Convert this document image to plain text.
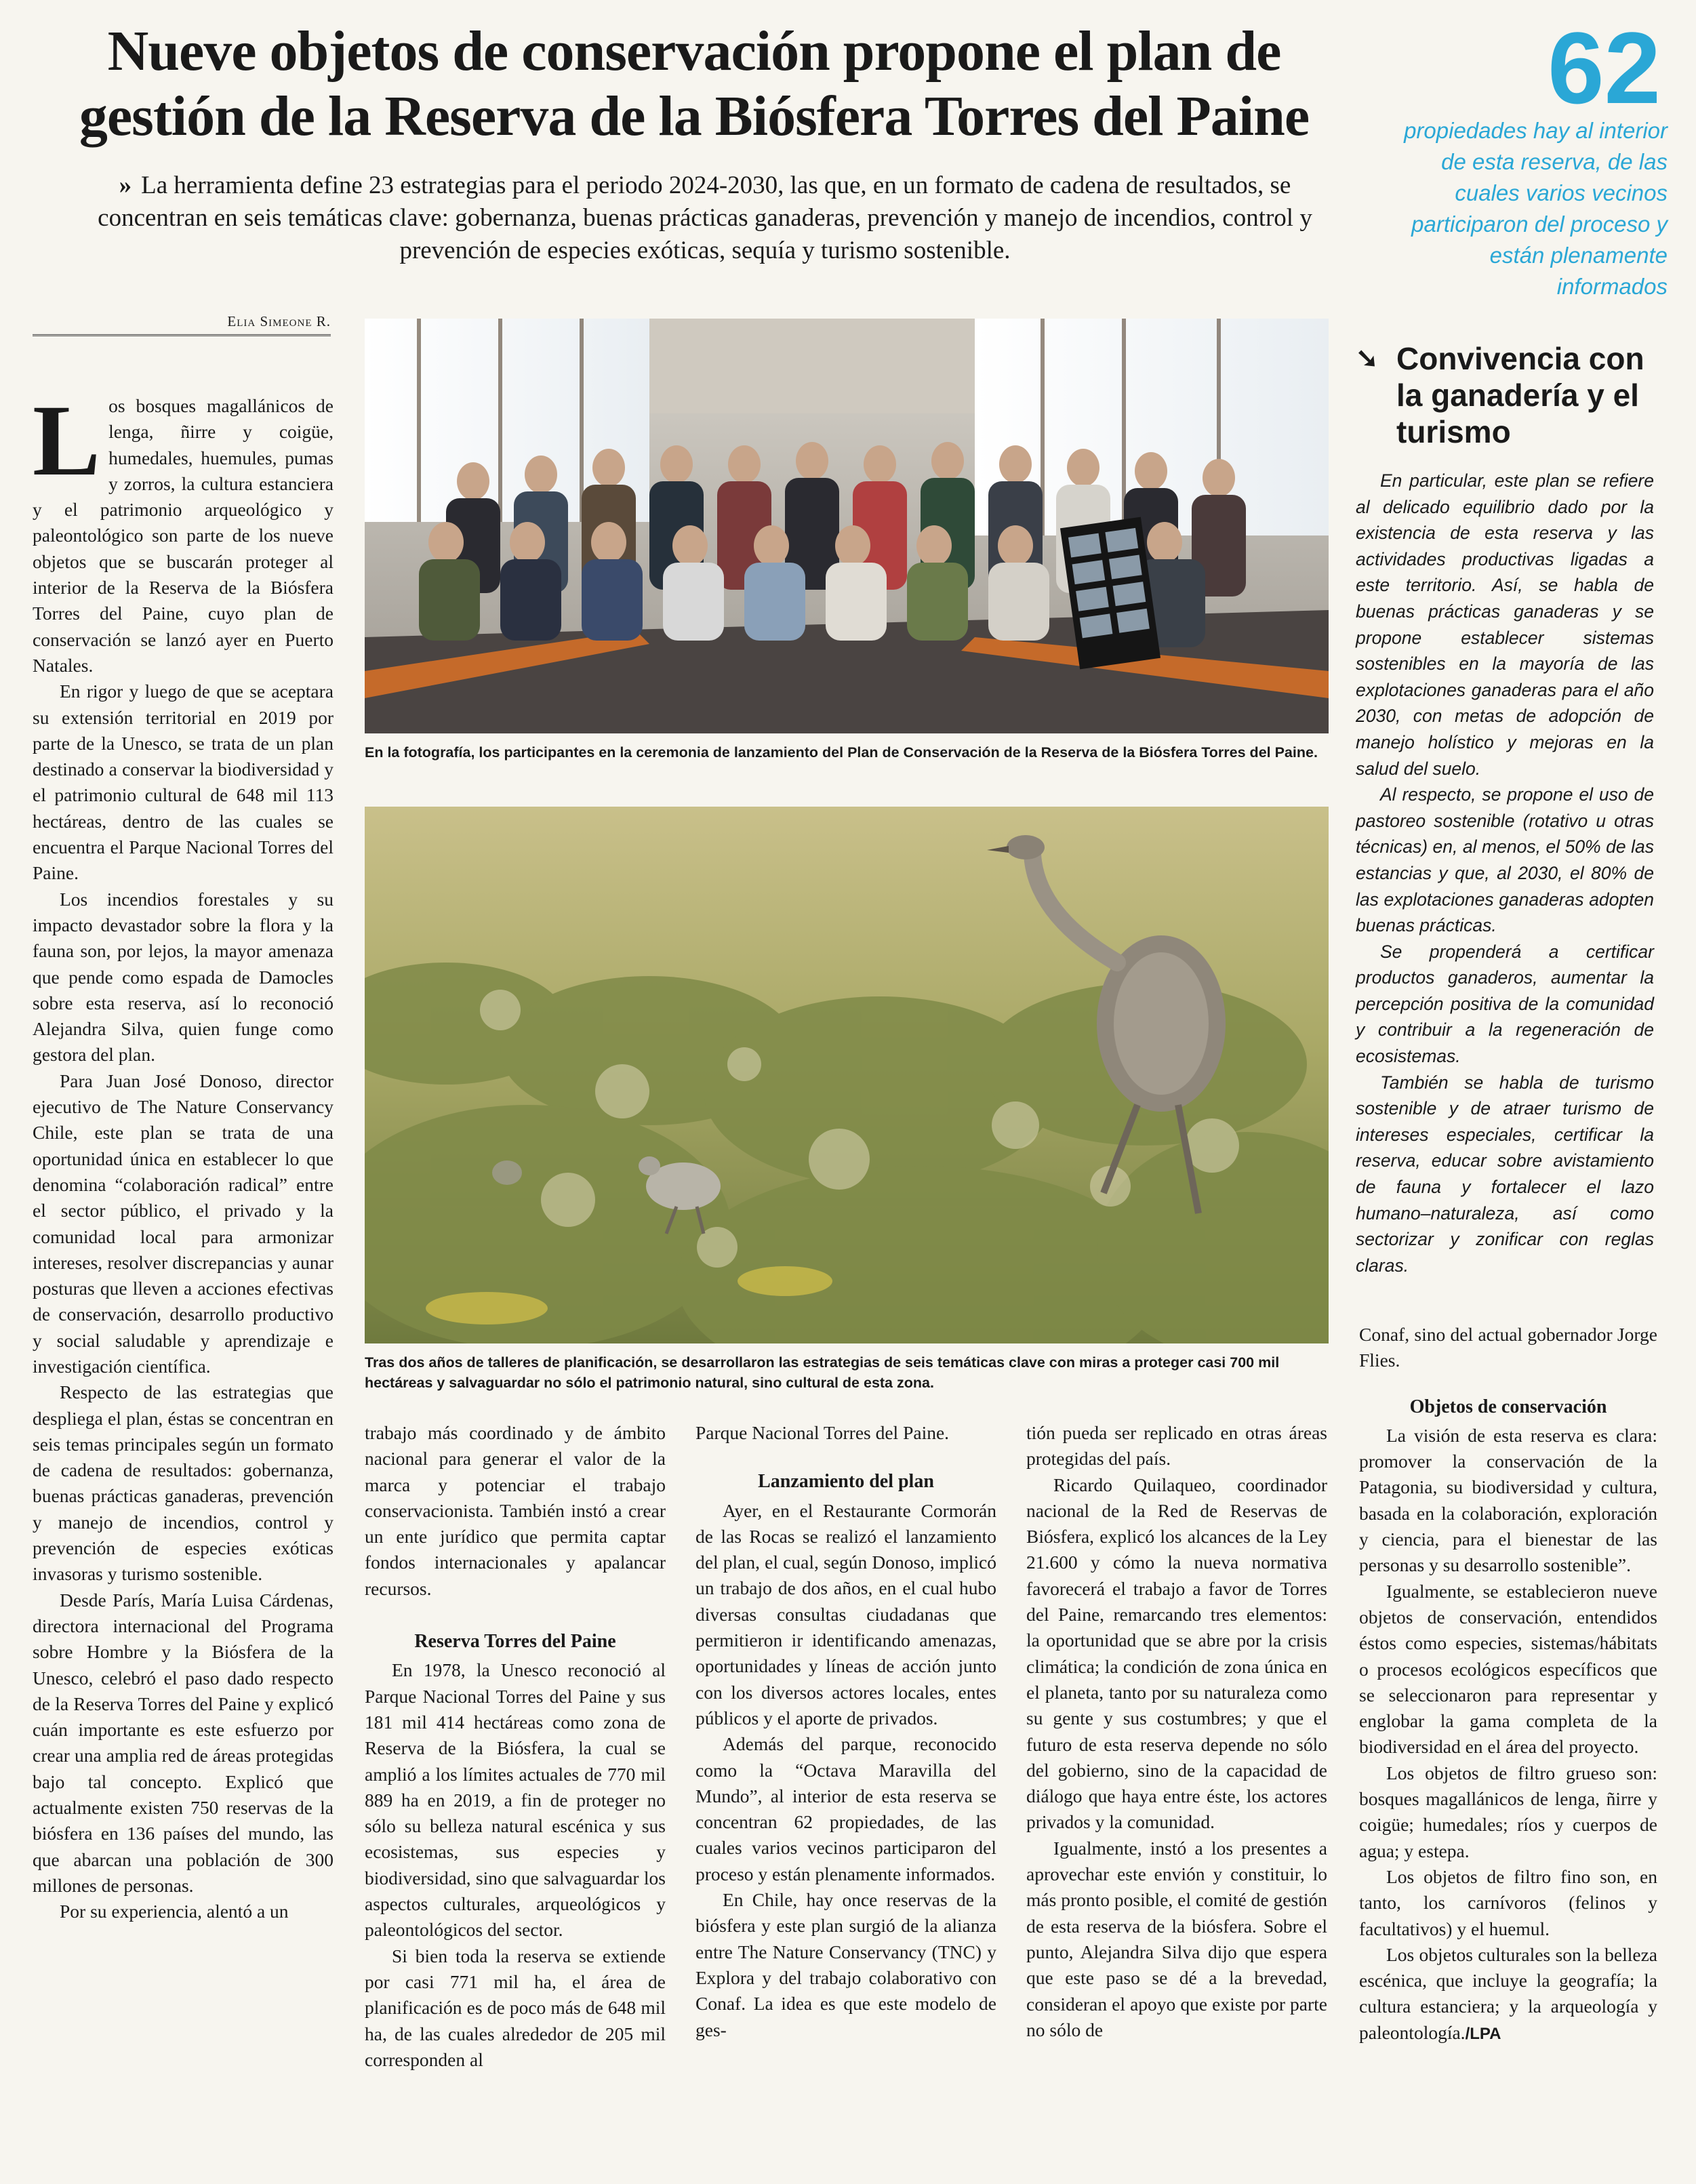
Nueve objetos de conservación propone el plan de
gestión de la Reserva de la Biósfera Torres del Paine

» La herramienta define 23 estrategias para el periodo 2024-2030, las que, en un formato de cadena de resultados, se concentran en seis temáticas clave: gobernanza, buenas prácticas ganaderas, prevención y manejo de incendios, control y prevención de especies exóticas, sequía y turismo sostenible.

62

propiedades hay al interior de esta reserva, de las cuales varios vecinos participaron del proceso y están plenamente informados

Elia Simeone R.

Los bosques magallánicos de lenga, ñirre y coigüe, humedales, huemules, pumas y zorros, la cultura estanciera y el patrimonio arqueológico y paleontológico son parte de los nueve objetos que se buscarán proteger al interior de la Reserva de la Biósfera Torres del Paine, cuyo plan de conservación se lanzó ayer en Puerto Natales.

En rigor y luego de que se aceptara su extensión territorial en 2019 por parte de la Unesco, se trata de un plan destinado a conservar la biodiversidad y el patrimonio cultural de 648 mil 113 hectáreas, dentro de las cuales se encuentra el Parque Nacional Torres del Paine.

Los incendios forestales y su impacto devastador sobre la flora y la fauna son, por lejos, la mayor amenaza que pende como espada de Damocles sobre esta reserva, así lo reconoció Alejandra Silva, quien funge como gestora del plan.

Para Juan José Donoso, director ejecutivo de The Nature Conservancy Chile, este plan se trata de una oportunidad única en establecer lo que denomina “colaboración radical” entre el sector público, el privado y la comunidad local para armonizar intereses, resolver discrepancias y aunar posturas que lleven a acciones efectivas de conservación, desarrollo productivo y social saludable y aprendizaje e investigación científica.

Respecto de las estrategias que despliega el plan, éstas se concentran en seis temas principales según un formato de cadena de resultados: gobernanza, buenas prácticas ganaderas, prevención y manejo de incendios, control y prevención de especies exóticas invasoras y turismo sostenible.

Desde París, María Luisa Cárdenas, directora internacional del Programa sobre Hombre y la Biósfera de la Unesco, celebró el paso dado respecto de la Reserva Torres del Paine y explicó cuán importante es este esfuerzo por crear una amplia red de áreas protegidas bajo tal concepto. Explicó que actualmente existen 750 reservas de la biósfera en 136 países del mundo, las que abarcan una población de 300 millones de personas.

Por su experiencia, alentó a un

En la fotografía, los participantes en la ceremonia de lanzamiento del Plan de Conservación de la Reserva de la Biósfera Torres del Paine.

Tras dos años de talleres de planificación, se desarrollaron las estrategias de seis temáticas clave con miras a proteger casi 700 mil hectáreas y salvaguardar no sólo el patrimonio natural, sino cultural de esta zona.

trabajo más coordinado y de ámbito nacional para generar el valor de la marca y potenciar el trabajo conservacionista. También instó a crear un ente jurídico que permita captar fondos internacionales y apalancar recursos.

Reserva Torres del Paine

En 1978, la Unesco reconoció al Parque Nacional Torres del Paine y sus 181 mil 414 hectáreas como zona de Reserva de la Biósfera, la cual se amplió a los límites actuales de 770 mil 889 ha en 2019, a fin de proteger no sólo su belleza natural escénica y sus ecosistemas, sus especies y biodiversidad, sino que salvaguardar los aspectos culturales, arqueológicos y paleontológicos del sector.

Si bien toda la reserva se extiende por casi 771 mil ha, el área de planificación es de poco más de 648 mil ha, de las cuales alrededor de 205 mil corresponden al

Parque Nacional Torres del Paine.

Lanzamiento del plan

Ayer, en el Restaurante Cormorán de las Rocas se realizó el lanzamiento del plan, el cual, según Donoso, implicó un trabajo de dos años, en el cual hubo diversas consultas ciudadanas que permitieron ir identificando amenazas, oportunidades y líneas de acción junto con los diversos actores locales, entes públicos y el aporte de privados.

Además del parque, reconocido como la “Octava Maravilla del Mundo”, al interior de esta reserva se concentran 62 propiedades, de las cuales varios vecinos participaron del proceso y están plenamente informados.

En Chile, hay once reservas de la biósfera y este plan surgió de la alianza entre The Nature Conservancy (TNC) y Explora y del trabajo colaborativo con Conaf. La idea es que este modelo de ges-

tión pueda ser replicado en otras áreas protegidas del país.

Ricardo Quilaqueo, coordinador nacional de la Red de Reservas de Biósfera, explicó los alcances de la Ley 21.600 y cómo la nueva normativa favorecerá el trabajo a favor de Torres del Paine, remarcando tres elementos: la oportunidad que se abre por la crisis climática; la condición de zona única en el planeta, tanto por su naturaleza como su gente y sus costumbres; y que el futuro de esta reserva depende no sólo del gobierno, sino de la capacidad de diálogo que haya entre éste, los actores privados y la comunidad.

Igualmente, instó a los presentes a aprovechar este envión y constituir, lo más pronto posible, el comité de gestión de esta reserva de la biósfera. Sobre el punto, Alejandra Silva dijo que espera que este paso se dé a la brevedad, consideran el apoyo que existe por parte no sólo de

➘ Convivencia con la ganadería y el turismo

En particular, este plan se refiere al delicado equilibrio dado por la existencia de esta reserva y las actividades productivas ligadas a este territorio. Así, se habla de buenas prácticas ganaderas y se propone establecer sistemas sostenibles en la mayoría de las explotaciones ganaderas para el año 2030, con metas de adopción de manejo holístico y mejoras en la salud del suelo.

Al respecto, se propone el uso de pastoreo sostenible (rotativo u otras técnicas) en, al menos, el 50% de las estancias y que, al 2030, el 80% de las explotaciones ganaderas adopten buenas prácticas.

Se propenderá a certificar productos ganaderos, aumentar la percepción positiva de la comunidad y contribuir a la regeneración de ecosistemas.

También se habla de turismo sostenible y de atraer turismo de intereses especiales, certificar la reserva, educar sobre avistamiento de fauna y fortalecer el lazo humano–naturaleza, así como sectorizar y zonificar con reglas claras.

Conaf, sino del actual gobernador Jorge Flies.

Objetos de conservación

La visión de esta reserva es clara: promover la conservación de la Patagonia, su biodiversidad y cultura, basada en la colaboración, exploración y ciencia, para el bienestar de las personas y su desarrollo sostenible”.

Igualmente, se establecieron nueve objetos de conservación, entendidos éstos como especies, sistemas/hábitats o procesos ecológicos específicos que se seleccionaron para representar y englobar la gama completa de la biodiversidad en el área del proyecto.

Los objetos de filtro grueso son: bosques magallánicos de lenga, ñirre y coigüe; humedales; ríos y cuerpos de agua; y estepa.

Los objetos de filtro fino son, en tanto, los carnívoros (felinos y facultativos) y el huemul.

Los objetos culturales son la belleza escénica, que incluye la geografía; la cultura estanciera; y la arqueología y paleontología./LPA
